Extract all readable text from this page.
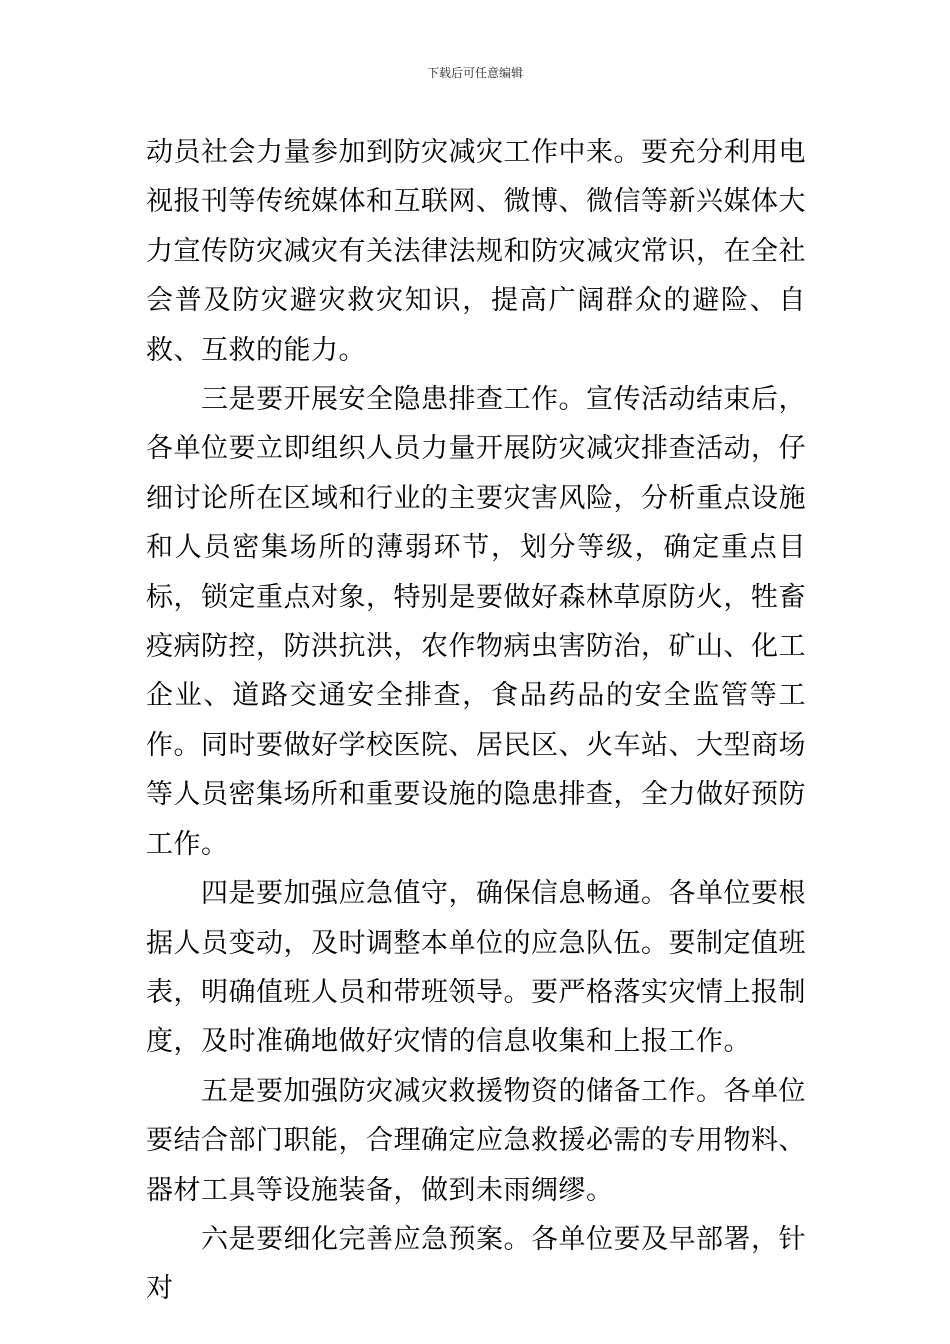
下载后可任意编辑

动员社会力量参加到防灾减灾工作中来。要充分利用电视报刊等传统媒体和互联网、微博、微信等新兴媒体大力宣传防灾减灾有关法律法规和防灾减灾常识，在全社会普及防灾避灾救灾知识，提高广阔群众的避险、自救、互救的能力。

三是要开展安全隐患排查工作。宣传活动结束后，各单位要立即组织人员力量开展防灾减灾排查活动，仔细讨论所在区域和行业的主要灾害风险，分析重点设施和人员密集场所的薄弱环节，划分等级，确定重点目标，锁定重点对象，特别是要做好森林草原防火，牲畜疫病防控，防洪抗洪，农作物病虫害防治，矿山、化工企业、道路交通安全排查，食品药品的安全监管等工作。同时要做好学校医院、居民区、火车站、大型商场等人员密集场所和重要设施的隐患排查，全力做好预防工作。

四是要加强应急值守，确保信息畅通。各单位要根据人员变动，及时调整本单位的应急队伍。要制定值班表，明确值班人员和带班领导。要严格落实灾情上报制度，及时准确地做好灾情的信息收集和上报工作。

五是要加强防灾减灾救援物资的储备工作。各单位要结合部门职能，合理确定应急救援必需的专用物料、器材工具等设施装备，做到未雨绸缪。

六是要细化完善应急预案。各单位要及早部署，针对
